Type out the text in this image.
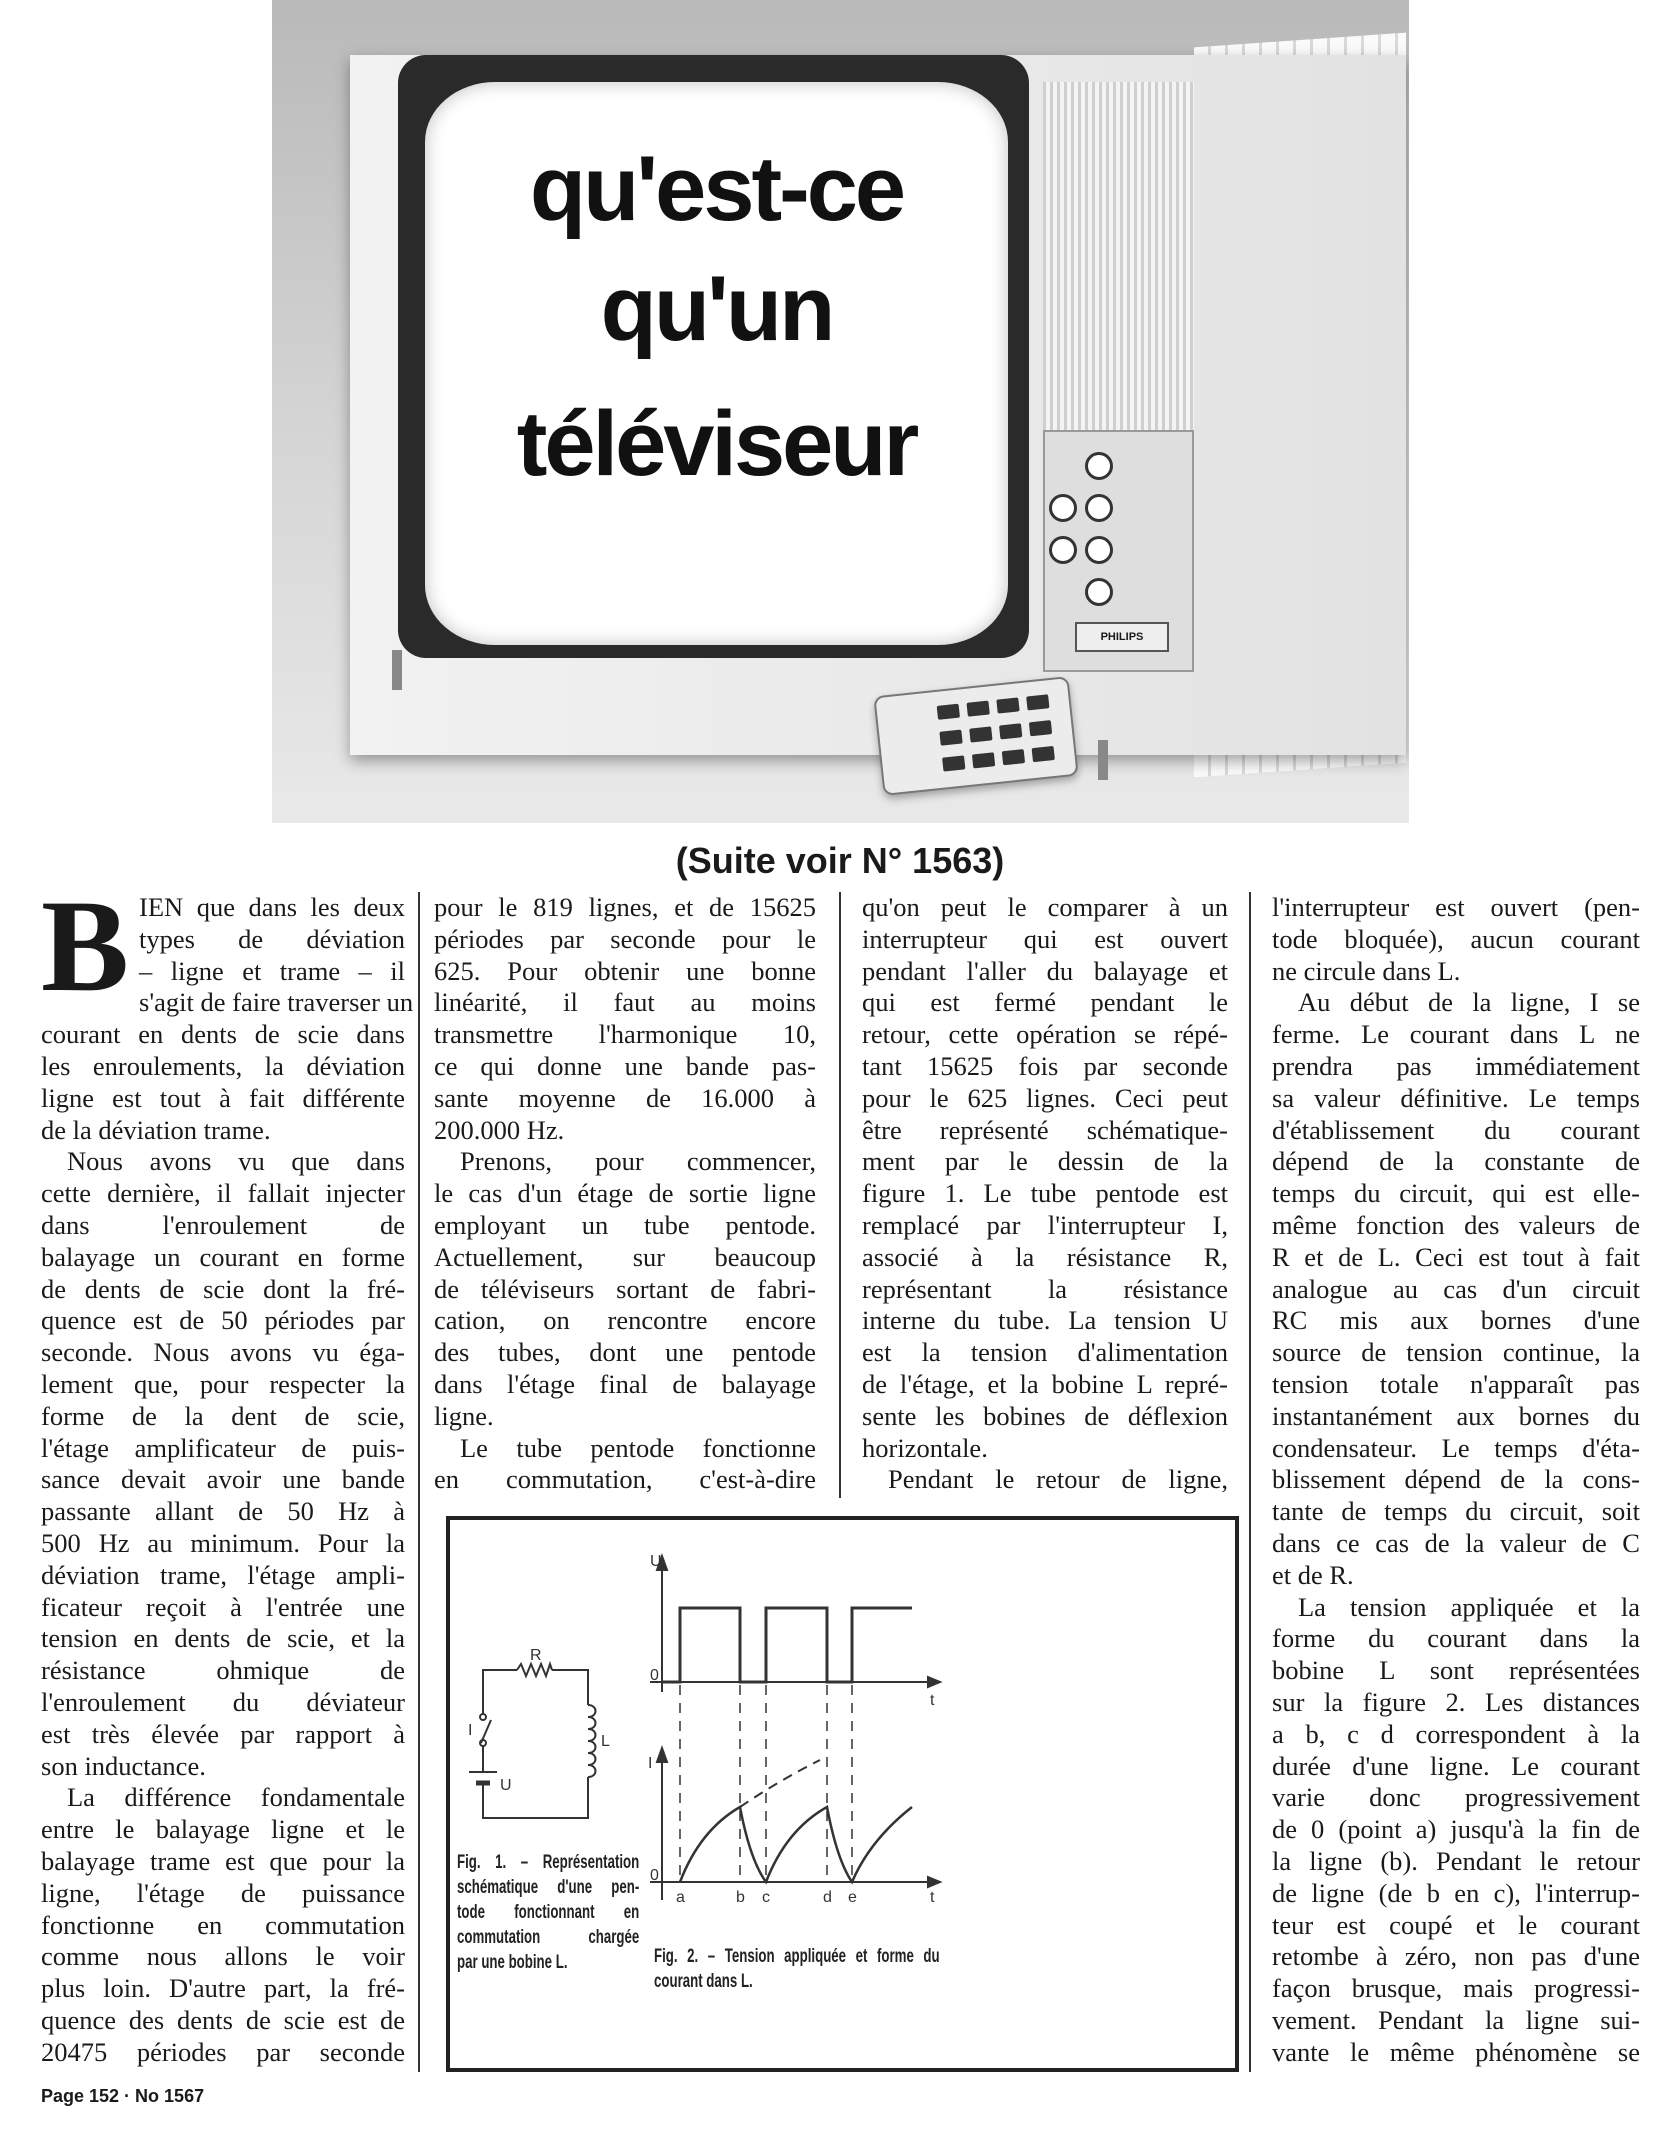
qu'est-ce
qu'un
téléviseur
PHILIPS
(Suite voir N° 1563)
B IEN que dans les deux
types de déviation
– ligne et trame – il
s'agit de faire traverser un
courant en dents de scie dans
les enroulements, la déviation
ligne est tout à fait différente
de la déviation trame.
Nous avons vu que dans
cette dernière, il fallait injecter
dans l'enroulement de
balayage un courant en forme
de dents de scie dont la fré-
quence est de 50 périodes par
seconde. Nous avons vu éga-
lement que, pour respecter la
forme de la dent de scie,
l'étage amplificateur de puis-
sance devait avoir une bande
passante allant de 50 Hz à
500 Hz au minimum. Pour la
déviation trame, l'étage ampli-
ficateur reçoit à l'entrée une
tension en dents de scie, et la
résistance ohmique de
l'enroulement du déviateur
est très élevée par rapport à
son inductance.
La différence fondamentale
entre le balayage ligne et le
balayage trame est que pour la
ligne, l'étage de puissance
fonctionne en commutation
comme nous allons le voir
plus loin. D'autre part, la fré-
quence des dents de scie est de
20475 périodes par seconde
pour le 819 lignes, et de 15625
périodes par seconde pour le
625. Pour obtenir une bonne
linéarité, il faut au moins
transmettre l'harmonique 10,
ce qui donne une bande pas-
sante moyenne de 16.000 à
200.000 Hz.
Prenons, pour commencer,
le cas d'un étage de sortie ligne
employant un tube pentode.
Actuellement, sur beaucoup
de téléviseurs sortant de fabri-
cation, on rencontre encore
des tubes, dont une pentode
dans l'étage final de balayage
ligne.
Le tube pentode fonctionne
en commutation, c'est-à-dire
qu'on peut le comparer à un
interrupteur qui est ouvert
pendant l'aller du balayage et
qui est fermé pendant le
retour, cette opération se répé-
tant 15625 fois par seconde
pour le 625 lignes. Ceci peut
être représenté schématique-
ment par le dessin de la
figure 1. Le tube pentode est
remplacé par l'interrupteur I,
associé à la résistance R,
représentant la résistance
interne du tube. La tension U
est la tension d'alimentation
de l'étage, et la bobine L repré-
sente les bobines de déflexion
horizontale.
Pendant le retour de ligne,
l'interrupteur est ouvert (pen-
tode bloquée), aucun courant
ne circule dans L.
Au début de la ligne, I se
ferme. Le courant dans L ne
prendra pas immédiatement
sa valeur définitive. Le temps
d'établissement du courant
dépend de la constante de
temps du circuit, qui est elle-
même fonction des valeurs de
R et de L. Ceci est tout à fait
analogue au cas d'un circuit
RC mis aux bornes d'une
source de tension continue, la
tension totale n'apparaît pas
instantanément aux bornes du
condensateur. Le temps d'éta-
blissement dépend de la cons-
tante de temps du circuit, soit
dans ce cas de la valeur de C
et de R.
La tension appliquée et la
forme du courant dans la
bobine L sont représentées
sur la figure 2. Les distances
a b, c d correspondent à la
durée d'une ligne. Le courant
varie donc progressivement
de 0 (point a) jusqu'à la fin de
la ligne (b). Pendant le retour
de ligne (de b en c), l'interrup-
teur est coupé et le courant
retombe à zéro, non pas d'une
façon brusque, mais progressi-
vement. Pendant la ligne sui-
vante le même phénomène se
R
I
L
U
U
0
t
I
0
t
a	b c	d e
Fig. 1. – Représentation
schématique d'une pen-
tode fonctionnant en
commutation chargée
par une bobine L.	Fig. 2. – Tension appliquée et forme du
courant dans L.
Page 152 · No 1567
